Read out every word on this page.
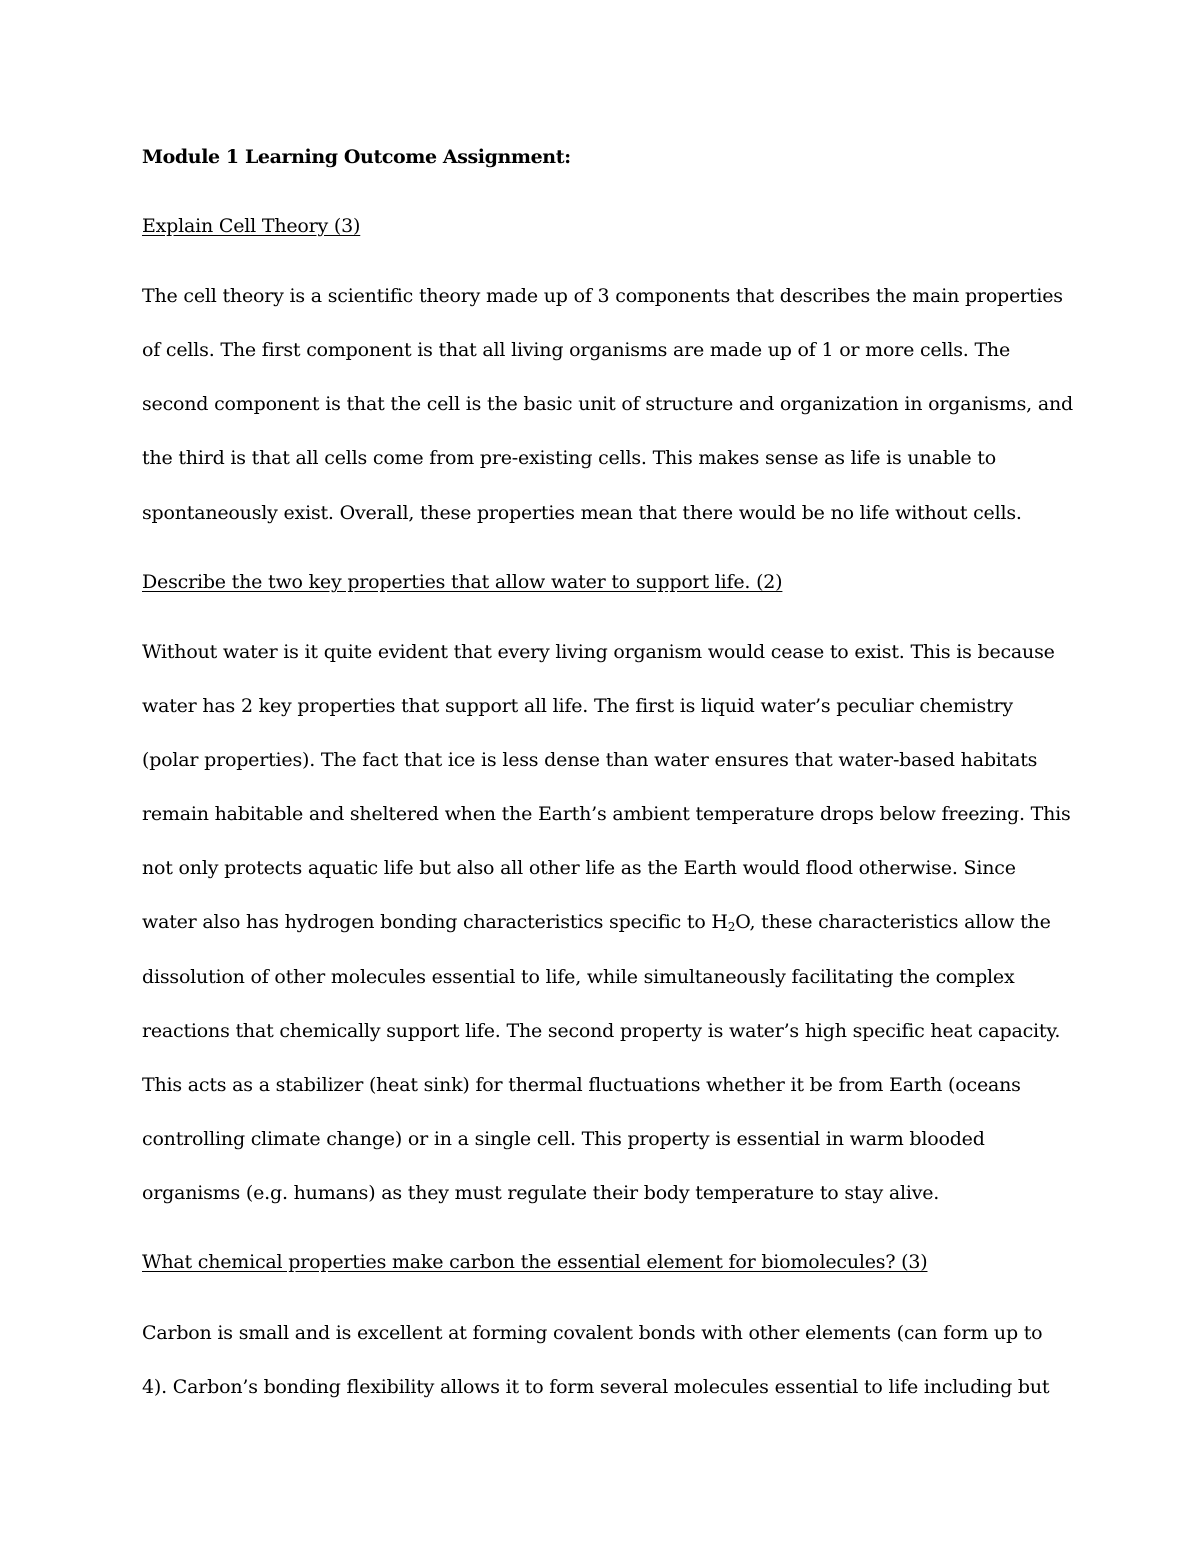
Module 1 Learning Outcome Assignment:
Explain Cell Theory (3)
The cell theory is a scientific theory made up of 3 components that describes the main properties
of cells. The first component is that all living organisms are made up of 1 or more cells. The
second component is that the cell is the basic unit of structure and organization in organisms, and
the third is that all cells come from pre-existing cells. This makes sense as life is unable to
spontaneously exist. Overall, these properties mean that there would be no life without cells.
Describe the two key properties that allow water to support life. (2)
Without water is it quite evident that every living organism would cease to exist. This is because
water has 2 key properties that support all life. The first is liquid water’s peculiar chemistry
(polar properties). The fact that ice is less dense than water ensures that water-based habitats
remain habitable and sheltered when the Earth’s ambient temperature drops below freezing. This
not only protects aquatic life but also all other life as the Earth would flood otherwise. Since
water also has hydrogen bonding characteristics specific to $H_2O$, these characteristics allow the
dissolution of other molecules essential to life, while simultaneously facilitating the complex
reactions that chemically support life. The second property is water’s high specific heat capacity.
This acts as a stabilizer (heat sink) for thermal fluctuations whether it be from Earth (oceans
controlling climate change) or in a single cell. This property is essential in warm blooded
organisms (e.g. humans) as they must regulate their body temperature to stay alive.
What chemical properties make carbon the essential element for biomolecules? (3)
Carbon is small and is excellent at forming covalent bonds with other elements (can form up to
4). Carbon’s bonding flexibility allows it to form several molecules essential to life including but
